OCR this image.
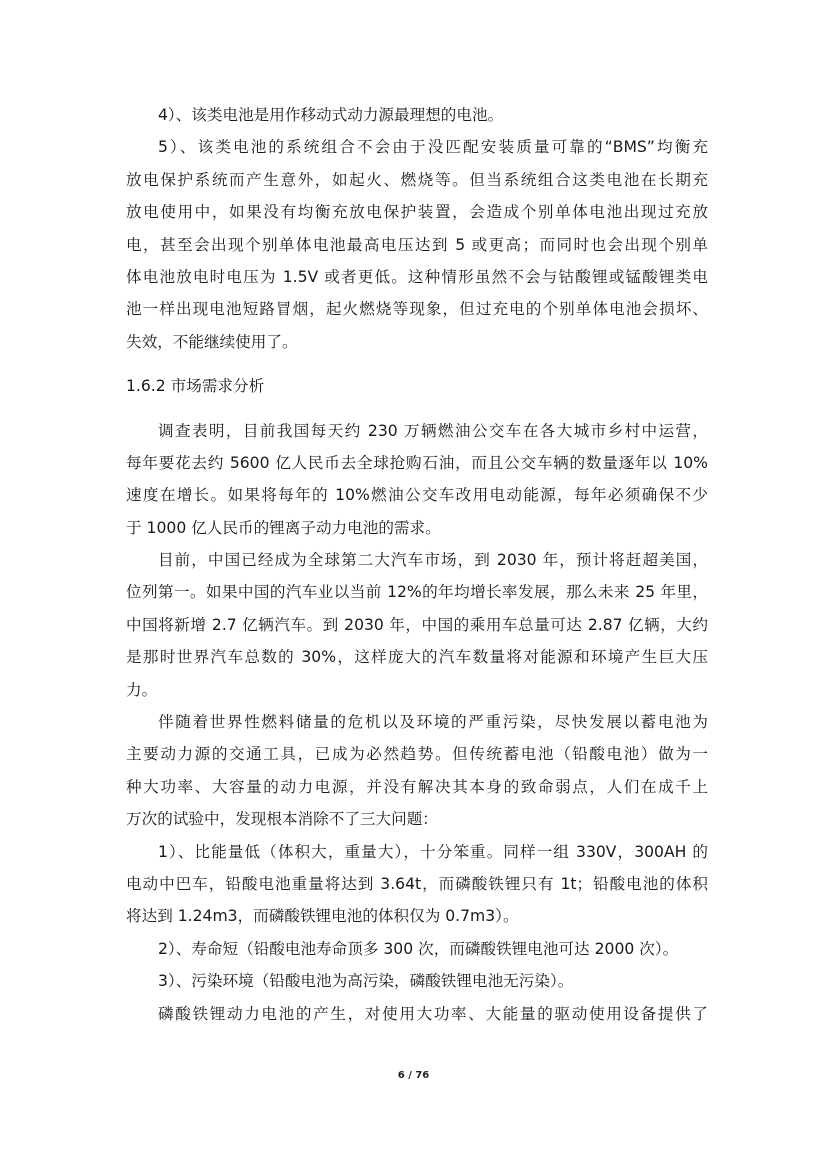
4）、该类电池是用作移动式动力源最理想的电池。
5）、该类电池的系统组合不会由于没匹配安装质量可靠的“BMS”均衡充
放电保护系统而产生意外，如起火、燃烧等。但当系统组合这类电池在长期充
放电使用中，如果没有均衡充放电保护装置，会造成个别单体电池出现过充放
电，甚至会出现个别单体电池最高电压达到 5 或更高；而同时也会出现个别单
体电池放电时电压为 1.5V 或者更低。这种情形虽然不会与钴酸锂或锰酸锂类电
池一样出现电池短路冒烟，起火燃烧等现象，但过充电的个别单体电池会损坏、
失效，不能继续使用了。
1.6.2 市场需求分析
调查表明，目前我国每天约 230 万辆燃油公交车在各大城市乡村中运营，
每年要花去约 5600 亿人民币去全球抢购石油，而且公交车辆的数量逐年以 10%
速度在增长。如果将每年的 10%燃油公交车改用电动能源，每年必须确保不少
于 1000 亿人民币的锂离子动力电池的需求。
目前，中国已经成为全球第二大汽车市场，到 2030 年，预计将赶超美国，
位列第一。如果中国的汽车业以当前 12%的年均增长率发展，那么未来 25 年里，
中国将新增 2.7 亿辆汽车。到 2030 年，中国的乘用车总量可达 2.87 亿辆，大约
是那时世界汽车总数的 30%，这样庞大的汽车数量将对能源和环境产生巨大压
力。
伴随着世界性燃料储量的危机以及环境的严重污染，尽快发展以蓄电池为
主要动力源的交通工具，已成为必然趋势。但传统蓄电池（铅酸电池）做为一
种大功率、大容量的动力电源，并没有解决其本身的致命弱点，人们在成千上
万次的试验中，发现根本消除不了三大问题：
1）、比能量低（体积大，重量大），十分笨重。同样一组 330V，300AH 的
电动中巴车，铅酸电池重量将达到 3.64t，而磷酸铁锂只有 1t；铅酸电池的体积
将达到 1.24m3，而磷酸铁锂电池的体积仅为 0.7m3）。
2）、寿命短（铅酸电池寿命顶多 300 次，而磷酸铁锂电池可达 2000 次）。
3）、污染环境（铅酸电池为高污染，磷酸铁锂电池无污染）。
磷酸铁锂动力电池的产生，对使用大功率、大能量的驱动使用设备提供了
6 / 76
